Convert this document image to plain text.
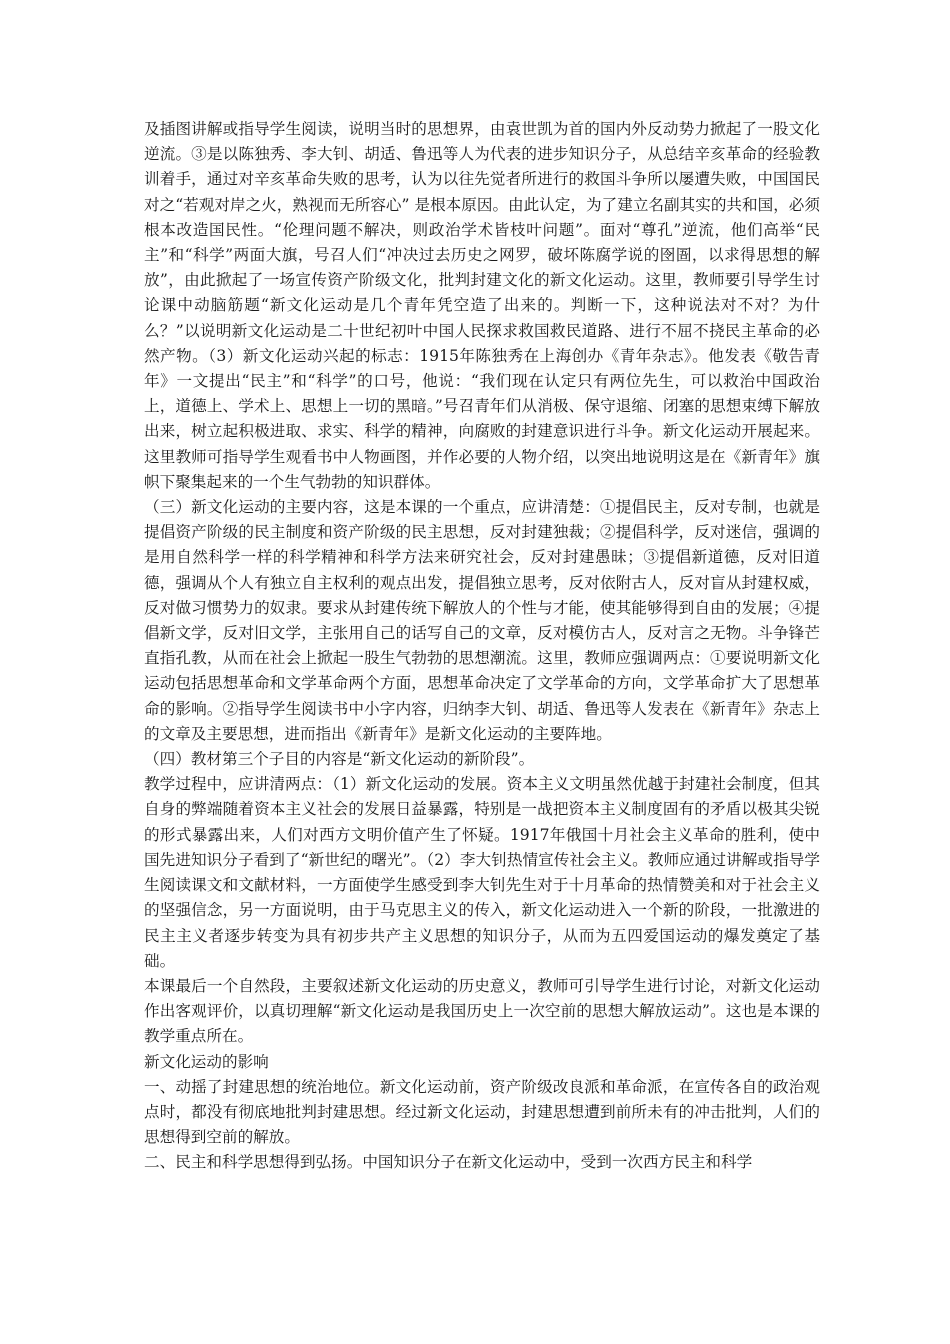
及插图讲解或指导学生阅读，说明当时的思想界，由袁世凯为首的国内外反动势力掀起了一股文化逆流。③是以陈独秀、李大钊、胡适、鲁迅等人为代表的进步知识分子，从总结辛亥革命的经验教训着手，通过对辛亥革命失败的思考，认为以往先觉者所进行的救国斗争所以屡遭失败，中国国民对之“若观对岸之火，熟视而无所容心” 是根本原因。由此认定，为了建立名副其实的共和国，必须根本改造国民性。“伦理问题不解决，则政治学术皆枝叶问题”。面对“尊孔”逆流，他们高举“民主”和“科学”两面大旗，号召人们“冲决过去历史之网罗，破坏陈腐学说的囹圄，以求得思想的解放”，由此掀起了一场宣传资产阶级文化，批判封建文化的新文化运动。这里，教师要引导学生讨论课中动脑筋题“新文化运动是几个青年凭空造了出来的。判断一下，这种说法对不对？为什么？”以说明新文化运动是二十世纪初叶中国人民探求救国救民道路、进行不屈不挠民主革命的必然产物。（3）新文化运动兴起的标志：1915年陈独秀在上海创办《青年杂志》。他发表《敬告青年》一文提出“民主”和“科学”的口号，他说：“我们现在认定只有两位先生，可以救治中国政治上，道德上、学术上、思想上一切的黑暗。”号召青年们从消极、保守退缩、闭塞的思想束缚下解放出来，树立起积极进取、求实、科学的精神，向腐败的封建意识进行斗争。新文化运动开展起来。这里教师可指导学生观看书中人物画图，并作必要的人物介绍，以突出地说明这是在《新青年》旗帜下聚集起来的一个生气勃勃的知识群体。

（三）新文化运动的主要内容，这是本课的一个重点，应讲清楚：①提倡民主，反对专制，也就是提倡资产阶级的民主制度和资产阶级的民主思想，反对封建独裁；②提倡科学，反对迷信，强调的是用自然科学一样的科学精神和科学方法来研究社会，反对封建愚昧；③提倡新道德，反对旧道德，强调从个人有独立自主权利的观点出发，提倡独立思考，反对依附古人，反对盲从封建权威，反对做习惯势力的奴隶。要求从封建传统下解放人的个性与才能，使其能够得到自由的发展；④提倡新文学，反对旧文学，主张用自己的话写自己的文章，反对模仿古人，反对言之无物。斗争锋芒直指孔教，从而在社会上掀起一股生气勃勃的思想潮流。这里，教师应强调两点：①要说明新文化运动包括思想革命和文学革命两个方面，思想革命决定了文学革命的方向，文学革命扩大了思想革命的影响。②指导学生阅读书中小字内容，归纳李大钊、胡适、鲁迅等人发表在《新青年》杂志上的文章及主要思想，进而指出《新青年》是新文化运动的主要阵地。

（四）教材第三个子目的内容是“新文化运动的新阶段”。

教学过程中，应讲清两点：（1）新文化运动的发展。资本主义文明虽然优越于封建社会制度，但其自身的弊端随着资本主义社会的发展日益暴露，特别是一战把资本主义制度固有的矛盾以极其尖锐的形式暴露出来，人们对西方文明价值产生了怀疑。1917年俄国十月社会主义革命的胜利，使中国先进知识分子看到了“新世纪的曙光”。（2）李大钊热情宣传社会主义。教师应通过讲解或指导学生阅读课文和文献材料，一方面使学生感受到李大钊先生对于十月革命的热情赞美和对于社会主义的坚强信念，另一方面说明，由于马克思主义的传入，新文化运动进入一个新的阶段，一批激进的民主主义者逐步转变为具有初步共产主义思想的知识分子，从而为五四爱国运动的爆发奠定了基础。

本课最后一个自然段，主要叙述新文化运动的历史意义，教师可引导学生进行讨论，对新文化运动作出客观评价，以真切理解“新文化运动是我国历史上一次空前的思想大解放运动”。这也是本课的教学重点所在。

新文化运动的影响

一、动摇了封建思想的统治地位。新文化运动前，资产阶级改良派和革命派，在宣传各自的政治观点时，都没有彻底地批判封建思想。经过新文化运动，封建思想遭到前所未有的冲击批判，人们的思想得到空前的解放。

二、民主和科学思想得到弘扬。中国知识分子在新文化运动中，受到一次西方民主和科学
